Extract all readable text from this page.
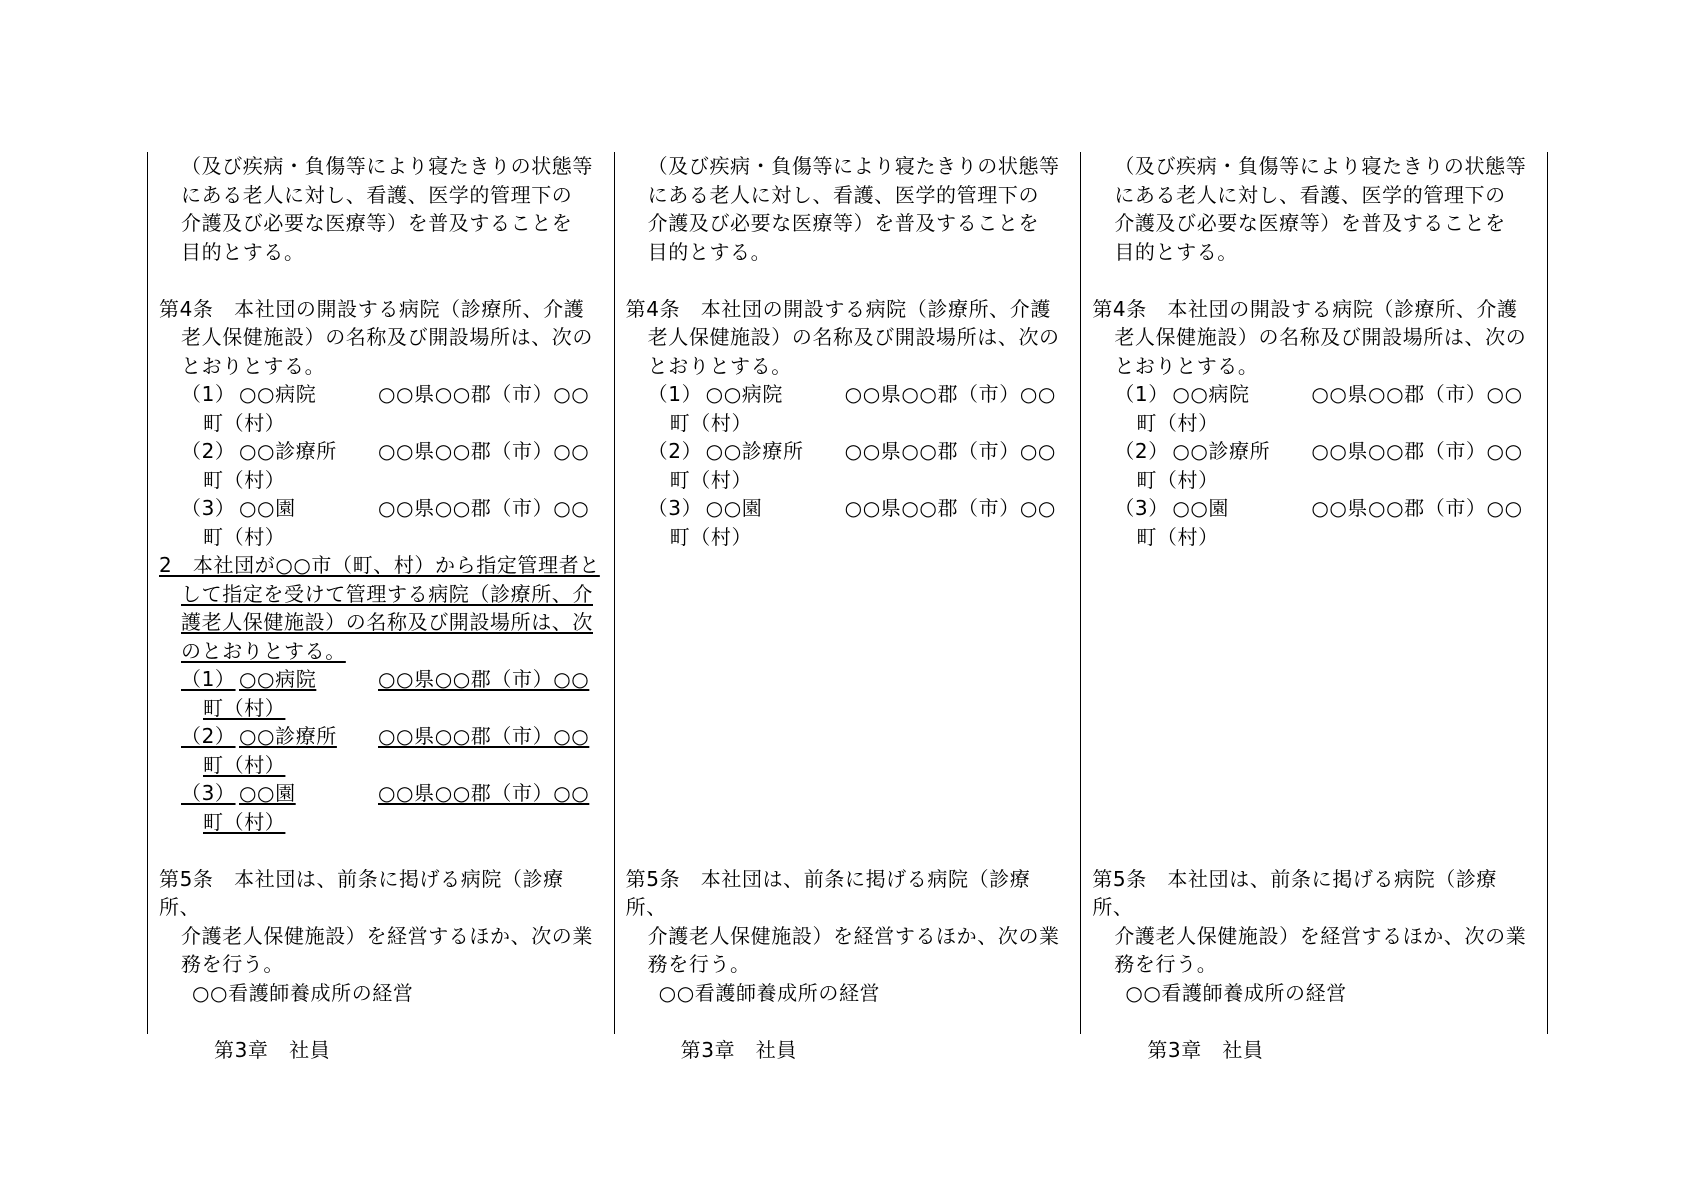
（及び疾病・負傷等により寝たきりの状態等
にある老人に対し、看護、医学的管理下の
介護及び必要な医療等）を普及することを
目的とする。
第4条　本社団の開設する病院（診療所、介護
老人保健施設）の名称及び開設場所は、次の
とおりとする。
（1） ○○病院	○○県○○郡（市）○○
町（村）
（2） ○○診療所 ○○県○○郡（市）○○
町（村）
（3） ○○園	○○県○○郡（市）○○
町（村）
2　本社団が○○市（町、村）から指定管理者と
して指定を受けて管理する病院（診療所、介
護老人保健施設）の名称及び開設場所は、次
のとおりとする。
（1） ○○病院	○○県○○郡（市）○○
町（村）
（2） ○○診療所 ○○県○○郡（市）○○
町（村）
（3） ○○園	○○県○○郡（市）○○
町（村）
第5条　本社団は、前条に掲げる病院（診療所、
介護老人保健施設）を経営するほか、次の業
務を行う。
○○看護師養成所の経営
第3章　社員
（及び疾病・負傷等により寝たきりの状態等
にある老人に対し、看護、医学的管理下の
介護及び必要な医療等）を普及することを
目的とする。
第4条　本社団の開設する病院（診療所、介護
老人保健施設）の名称及び開設場所は、次の
とおりとする。
（1） ○○病院	○○県○○郡（市）○○
町（村）
（2） ○○診療所 ○○県○○郡（市）○○
町（村）
（3） ○○園	○○県○○郡（市）○○
町（村）
第5条　本社団は、前条に掲げる病院（診療所、
介護老人保健施設）を経営するほか、次の業
務を行う。
○○看護師養成所の経営
第3章　社員
（及び疾病・負傷等により寝たきりの状態等
にある老人に対し、看護、医学的管理下の
介護及び必要な医療等）を普及することを
目的とする。
第4条　本社団の開設する病院（診療所、介護
老人保健施設）の名称及び開設場所は、次の
とおりとする。
（1） ○○病院	○○県○○郡（市）○○
町（村）
（2） ○○診療所 ○○県○○郡（市）○○
町（村）
（3） ○○園	○○県○○郡（市）○○
町（村）
第5条　本社団は、前条に掲げる病院（診療所、
介護老人保健施設）を経営するほか、次の業
務を行う。
○○看護師養成所の経営
第3章　社員
